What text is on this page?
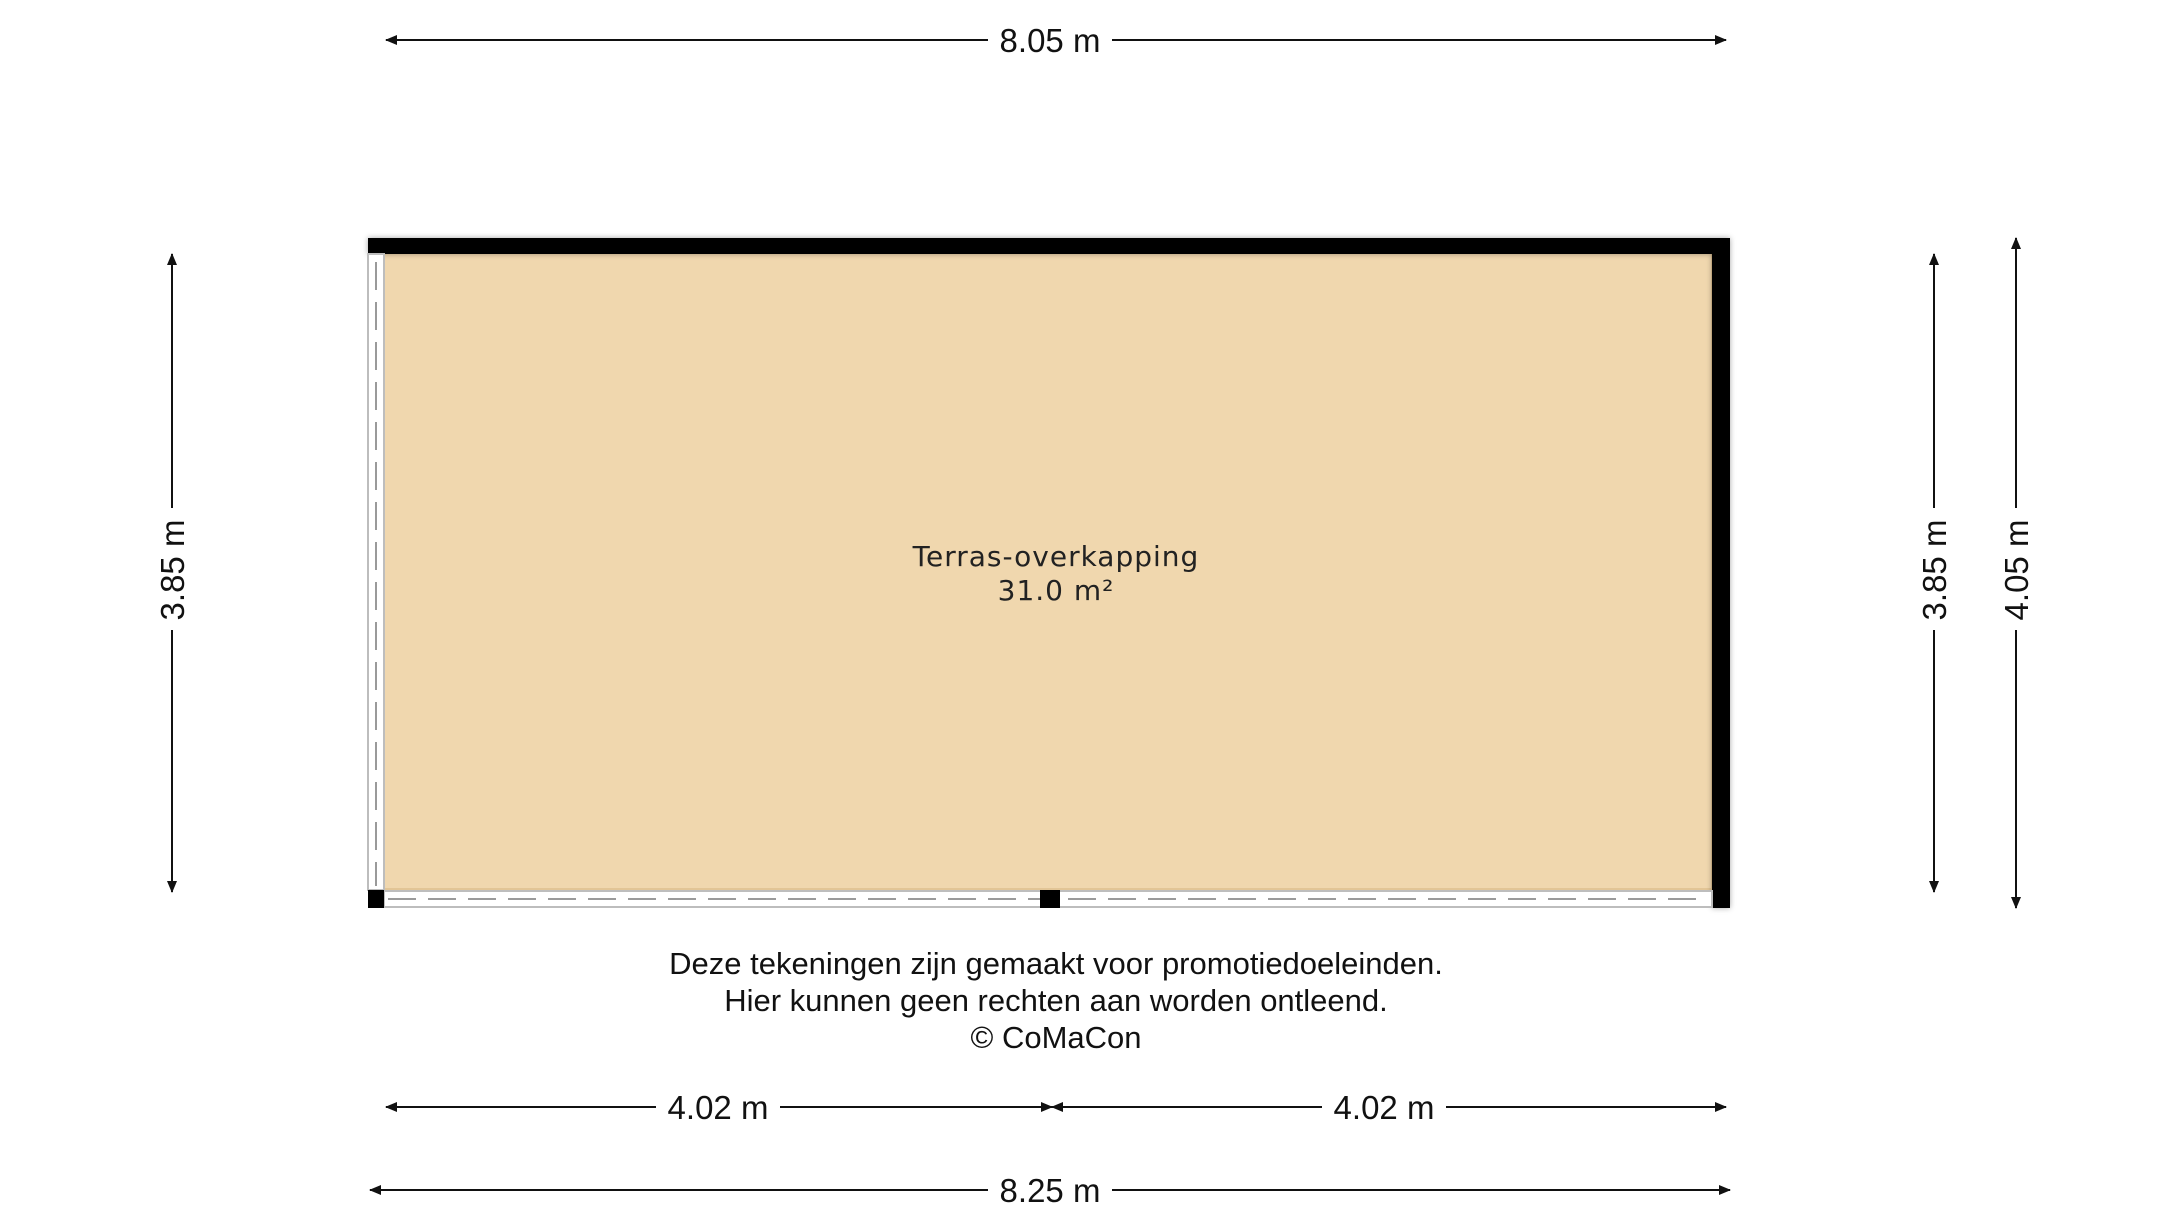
Terras-overkapping
31.0 m²
8.05 m
3.85 m	3.85 m 4.05 m
Deze tekeningen zijn gemaakt voor promotiedoeleinden.
Hier kunnen geen rechten aan worden ontleend.
© CoMaCon
4.02 m	4.02 m
8.25 m
